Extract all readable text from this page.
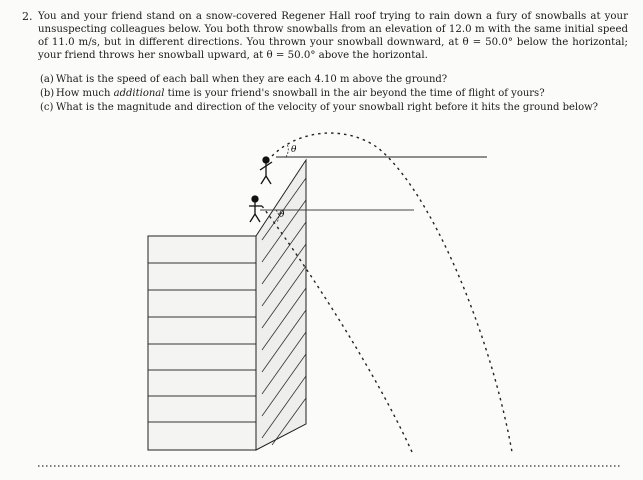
2. You and your friend stand on a snow-covered Regener Hall roof trying to rain down a fury of snowballs at your unsuspecting colleagues below. You both throw snowballs from an elevation of 12.0 m with the same initial speed of 11.0 m/s, but in different directions. You thrown your snowball downward, at θ = 50.0° below the horizontal; your friend throws her snowball upward, at θ = 50.0° above the horizontal.
(a) What is the speed of each ball when they are each 4.10 m above the ground?
(b) How much
additional
time is your friend's snowball in the air beyond the time of flight of yours?
(c) What is the magnitude and direction of the velocity of your snowball right before it hits the ground below?
θ
θ
